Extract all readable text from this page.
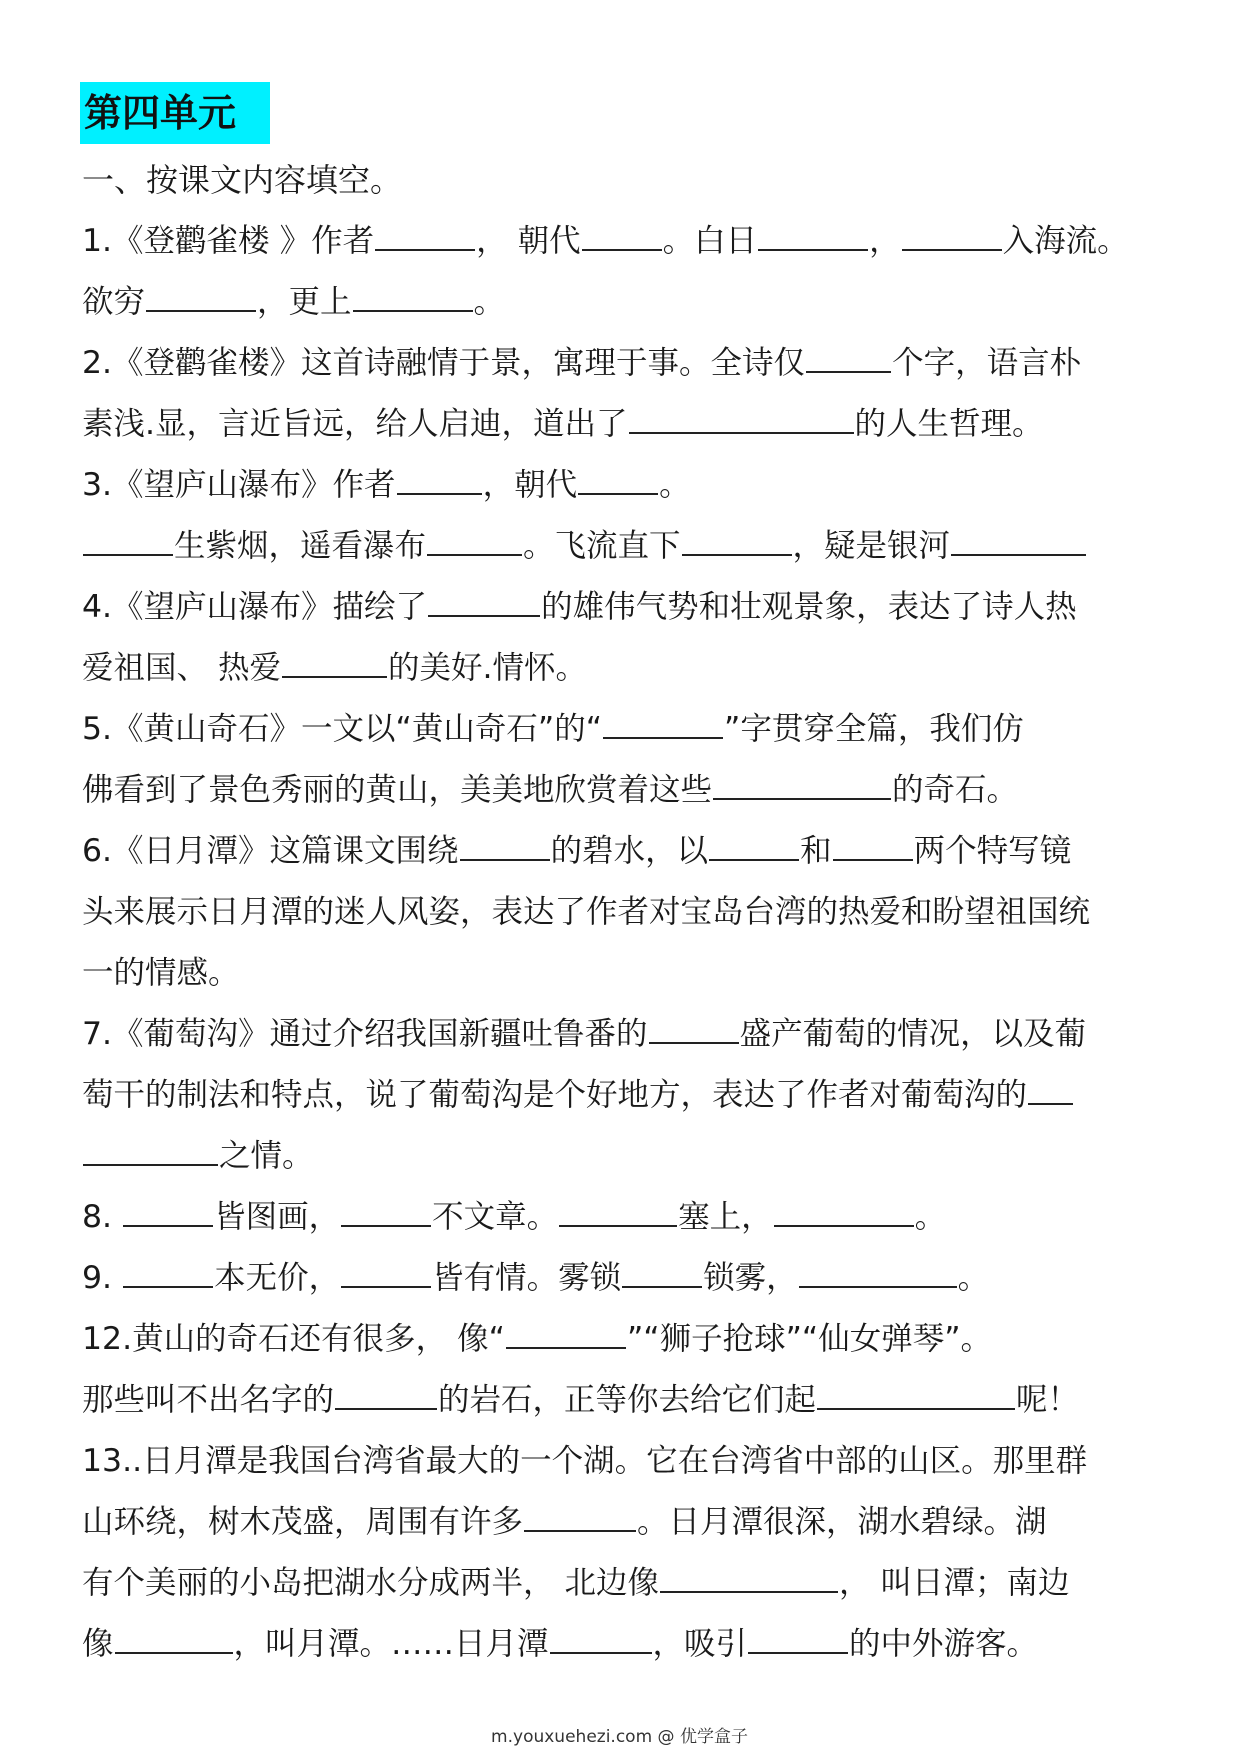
第四单元
一、按课文内容填空。
1.《登鹳雀楼 》作者	， 朝代	。白日	，	入海流。
欲穷	，更上	。
2.《登鹳雀楼》这首诗融情于景，寓理于事。全诗仅	个字，语言朴
素浅.显，言近旨远，给人启迪，道出了	的人生哲理。
3.《望庐山瀑布》作者	，朝代	。
生紫烟，遥看瀑布	。飞流直下	，疑是银河
4.《望庐山瀑布》描绘了	的雄伟气势和壮观景象，表达了诗人热
爱祖国、 热爱	的美好.情怀。
5.《黄山奇石》一文以“黄山奇石”的“	”字贯穿全篇，我们仿
佛看到了景色秀丽的黄山，美美地欣赏着这些	的奇石。
6.《日月潭》这篇课文围绕	的碧水，以	和	两个特写镜
头来展示日月潭的迷人风姿，表达了作者对宝岛台湾的热爱和盼望祖国统
一的情感。
7.《葡萄沟》通过介绍我国新疆吐鲁番的	盛产葡萄的情况，以及葡
萄干的制法和特点，说了葡萄沟是个好地方，表达了作者对葡萄沟的
之情。
8.	皆图画，	不文章。	塞上，	。
9.	本无价，	皆有情。雾锁	锁雾，	。
12.黄山的奇石还有很多， 像“	”“狮子抢球”“仙女弹琴”。
那些叫不出名字的	的岩石，正等你去给它们起	呢！
13..日月潭是我国台湾省最大的一个湖。它在台湾省中部的山区。那里群
山环绕，树木茂盛，周围有许多	。日月潭很深，湖水碧绿。湖
有个美丽的小岛把湖水分成两半， 北边像	， 叫日潭；南边
像	，叫月潭。……日月潭	，吸引	的中外游客。
m.youxuehezi.com @ 优学盒子
